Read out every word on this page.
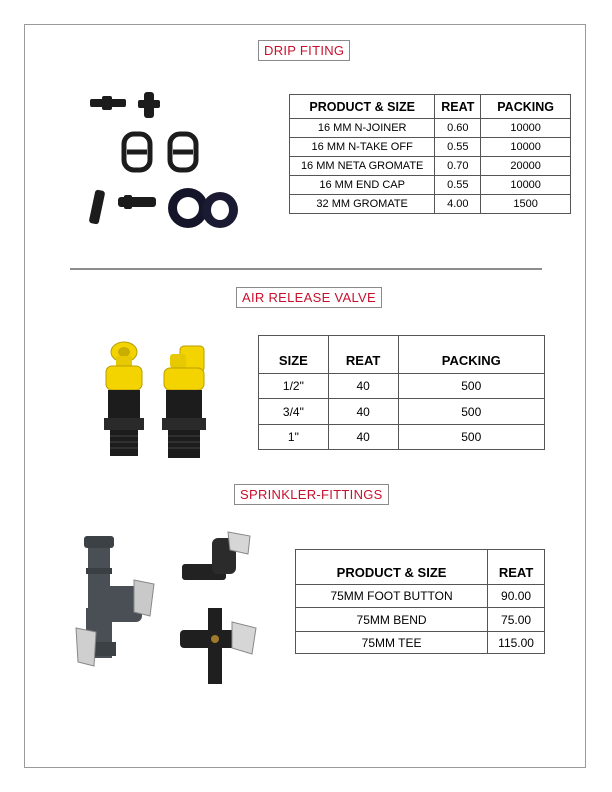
DRIP FITING
PRODUCT & SIZE	REAT	PACKING
16 MM N-JOINER	0.60	10000
16 MM N-TAKE OFF	0.55	10000
16 MM NETA GROMATE	0.70	20000
16 MM END CAP	0.55	10000
32 MM GROMATE	4.00	1500
AIR RELEASE VALVE
SIZE	REAT	PACKING
1/2"	40	500
3/4"	40	500
1"	40	500
SPRINKLER-FITTINGS
PRODUCT & SIZE	REAT
75MM FOOT BUTTON	90.00
75MM BEND	75.00
75MM TEE	115.00
